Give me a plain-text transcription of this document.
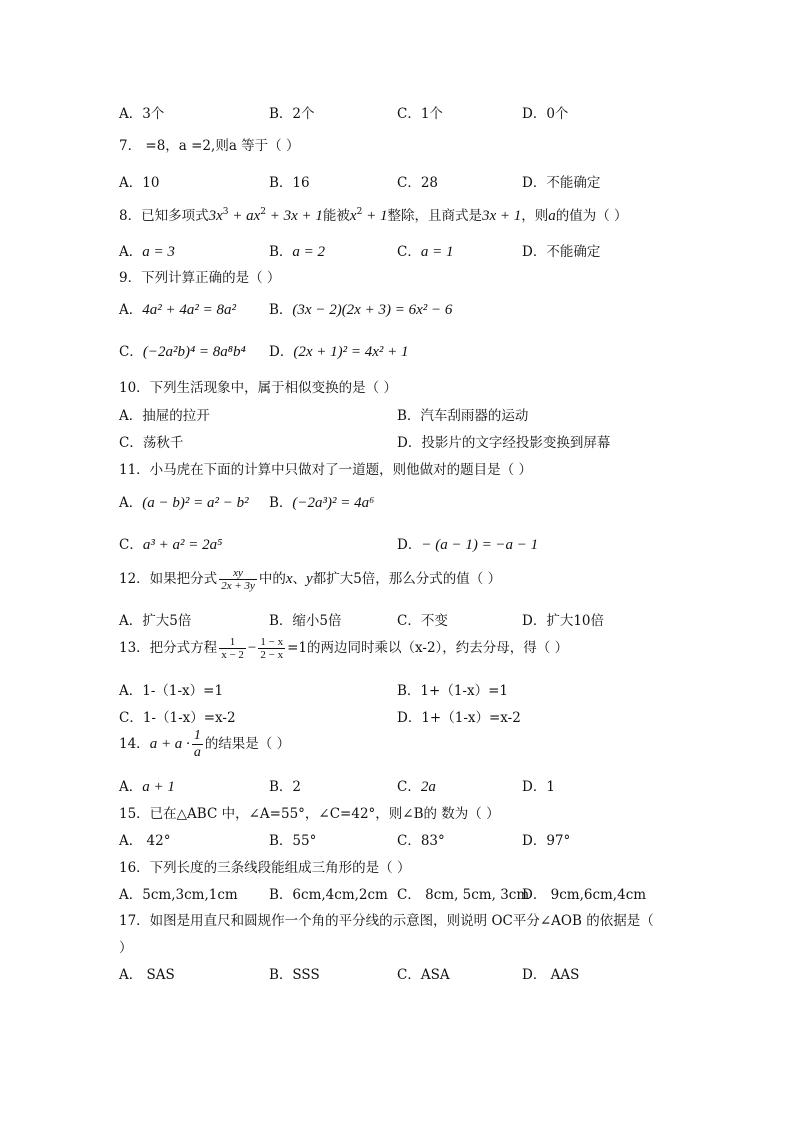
A．3个	B．2个	C．1个	D．0个
7． =8，a =2,则a 等于（ ）
A．10	B．16	C．28	D．不能确定
8．已知多项式$3x^3 + ax^2 + 3x + 1$能被$x^2 + 1$整除，且商式是3x + 1，则a的值为（ ）
A．a = 3	B．a = 2	C．a = 1	D．不能确定
9．下列计算正确的是（ ）
A．4a² + 4a² = 8a² B．(3x − 2)(2x + 3) = 6x² − 6
C．(−2a²b)⁴ = 8a⁸b⁴ D．(2x + 1)² = 4x² + 1
10．下列生活现象中，属于相似变换的是（ ）
A．抽屉的拉开	B．汽车刮雨器的运动
C．荡秋千	D．投影片的文字经投影变换到屏幕
11．小马虎在下面的计算中只做对了一道题，则他做对的题目是（ ）
A．(a − b)² = a² − b² B．(−2a³)² = 4a⁶
C．a³ + a² = 2a⁵	D．− (a − 1) = −a − 1
12．如果把分式 $\frac{xy}{2x + 3y}$ 中的x、y都扩大5倍，那么分式的值（ ）
A．扩大5倍	B．缩小5倍	C．不变	D．扩大10倍
13．把分式方程 $\frac{1}{x - 2} - \frac{1 - x}{2 - x} =1$的两边同时乘以（x-2），约去分母，得（ ）
A．1-（1-x）=1	B．1+（1-x）=1
C．1-（1-x）=x-2	D．1+（1-x）=x-2
14．$a + a \cdot \frac{1}{a}$ 的结果是（ ）
A．a + 1	B．2	C．2a	D．1
15．已在△ABC 中，∠A=55°，∠C=42°，则∠B的 数为（ ）
A． 42°	B．55°	C．83°	D．97°
16．下列长度的三条线段能组成三角形的是（ ）
A．5cm,3cm,1cm B．6cm,4cm,2cm C． 8cm, 5cm, 3cm
D． 9cm,6cm,4cm
17．如图是用直尺和圆规作一个角的平分线的示意图，则说明 OC平分∠AOB 的依据是（
）
A． SAS	B．SSS	C．ASA	D． AAS
